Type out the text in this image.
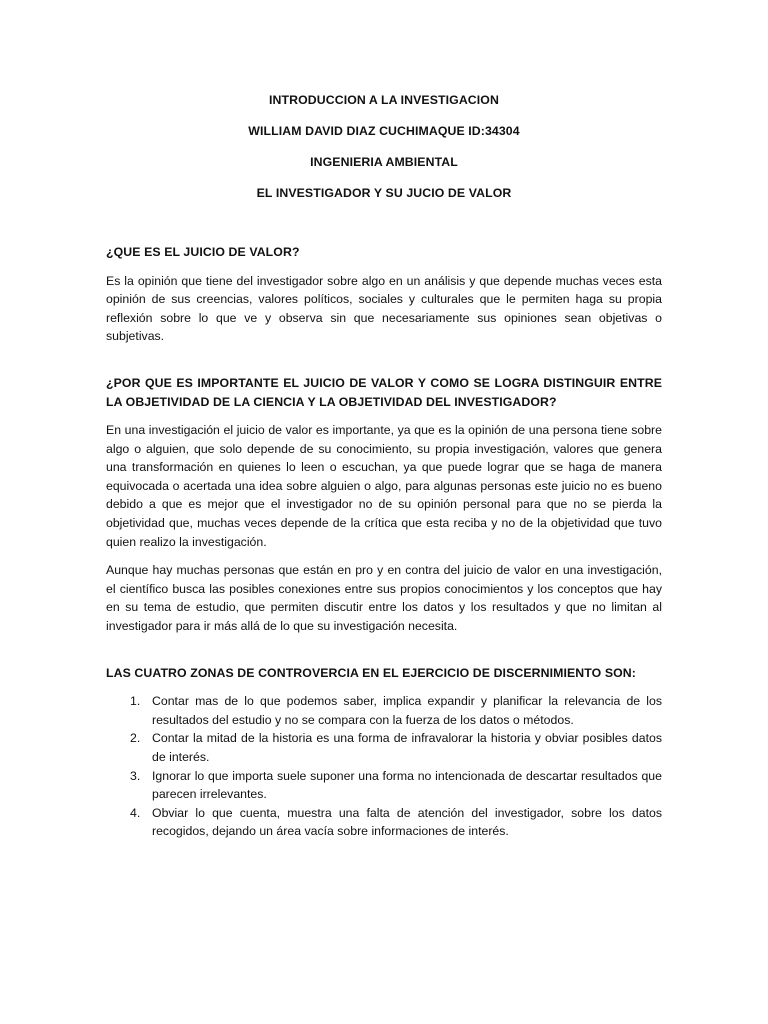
INTRODUCCION A LA INVESTIGACION

WILLIAM DAVID DIAZ CUCHIMAQUE ID:34304

INGENIERIA AMBIENTAL

EL INVESTIGADOR Y SU JUCIO DE VALOR

¿QUE ES EL JUICIO DE VALOR?

Es la opinión que tiene del investigador sobre algo en un análisis y que depende muchas veces esta opinión de sus creencias, valores políticos, sociales y culturales que le permiten haga su propia reflexión sobre lo que ve y observa sin que necesariamente sus opiniones sean objetivas o subjetivas.

¿POR QUE ES IMPORTANTE EL JUICIO DE VALOR Y COMO SE LOGRA DISTINGUIR ENTRE LA OBJETIVIDAD DE LA CIENCIA Y LA OBJETIVIDAD DEL INVESTIGADOR?

En una investigación el juicio de valor es importante, ya que es la opinión de una persona tiene sobre algo o alguien, que solo depende de su conocimiento, su propia investigación, valores que genera una transformación en quienes lo leen o escuchan, ya que puede lograr que se haga de manera equivocada o acertada una idea sobre alguien o algo, para algunas personas este juicio no es bueno debido a que es mejor que el investigador no de su opinión personal para que no se pierda la objetividad que, muchas veces depende de la crítica que esta reciba y no de la objetividad que tuvo quien realizo la investigación.

Aunque hay muchas personas que están en pro y en contra del juicio de valor en una investigación, el científico busca las posibles conexiones entre sus propios conocimientos y los conceptos que hay en su tema de estudio, que permiten discutir entre los datos y los resultados y que no limitan al investigador para ir más allá de lo que su investigación necesita.

LAS CUATRO ZONAS DE CONTROVERCIA EN EL EJERCICIO DE DISCERNIMIENTO SON:

1. Contar mas de lo que podemos saber, implica expandir y planificar la relevancia de los resultados del estudio y no se compara con la fuerza de los datos o métodos.
2. Contar la mitad de la historia es una forma de infravalorar la historia y obviar posibles datos de interés.
3. Ignorar lo que importa suele suponer una forma no intencionada de descartar resultados que parecen irrelevantes.
4. Obviar lo que cuenta, muestra una falta de atención del investigador, sobre los datos recogidos, dejando un área vacía sobre informaciones de interés.
